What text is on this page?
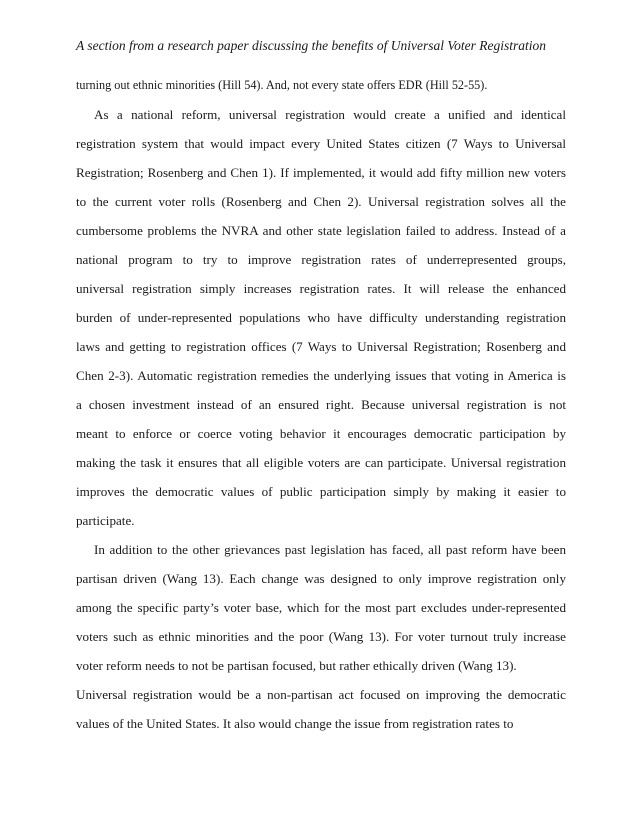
A section from a research paper discussing the benefits of Universal Voter Registration
turning out ethnic minorities (Hill 54). And, not every state offers EDR (Hill 52-55).
As a national reform, universal registration would create a unified and identical
registration system that would impact every United States citizen (7 Ways to Universal
Registration; Rosenberg and Chen 1). If implemented, it would add fifty million new voters
to the current voter rolls (Rosenberg and Chen 2). Universal registration solves all the
cumbersome problems the NVRA and other state legislation failed to address. Instead of a
national program to try to improve registration rates of underrepresented groups,
universal registration simply increases registration rates. It will release the enhanced
burden of under-represented populations who have difficulty understanding registration
laws and getting to registration offices (7 Ways to Universal Registration; Rosenberg and
Chen 2-3). Automatic registration remedies the underlying issues that voting in America is
a chosen investment instead of an ensured right. Because universal registration is not
meant to enforce or coerce voting behavior it encourages democratic participation by
making the task it ensures that all eligible voters are can participate. Universal registration
improves the democratic values of public participation simply by making it easier to
participate.
In addition to the other grievances past legislation has faced, all past reform have been
partisan driven (Wang 13). Each change was designed to only improve registration only
among the specific party’s voter base, which for the most part excludes under-represented
voters such as ethnic minorities and the poor (Wang 13). For voter turnout truly increase
voter reform needs to not be partisan focused, but rather ethically driven (Wang 13).
Universal registration would be a non-partisan act focused on improving the democratic
values of the United States. It also would change the issue from registration rates to
